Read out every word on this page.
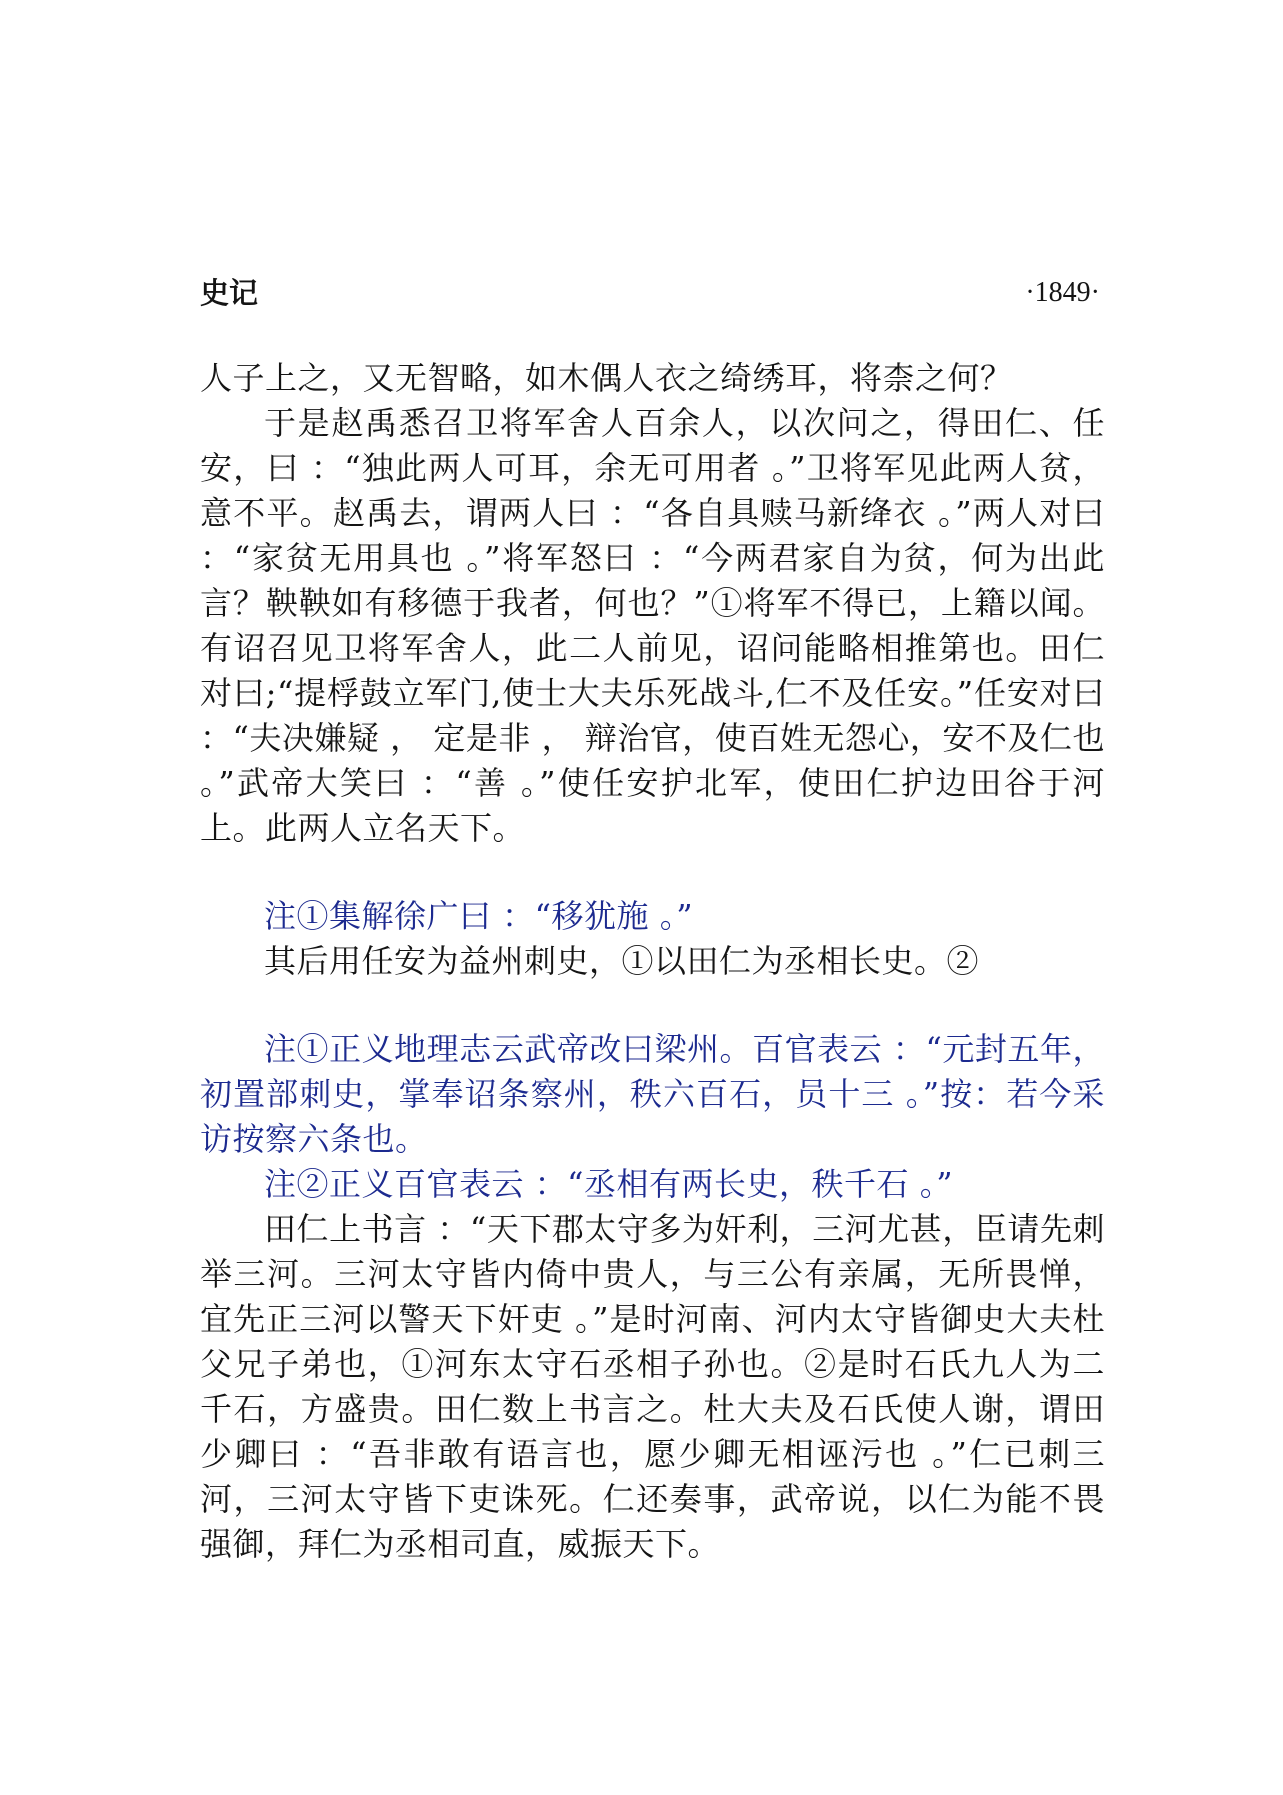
史记	·1849·

人子上之，又无智略，如木偶人衣之绮绣耳，将柰之何？

于是赵禹悉召卫将军舍人百余人，以次问之，得田仁、任安，曰 ：“独此两人可耳，余无可用者 。”卫将军见此两人贫，意不平。赵禹去，谓两人曰 ：“各自具赎马新绛衣 。”两人对曰 ：“家贫无用具也 。”将军怒曰 ：“今两君家自为贫，何为出此言？鞅鞅如有移德于我者，何也？”①将军不得已，上籍以闻。有诏召见卫将军舍人，此二人前见，诏问能略相推第也。田仁对曰;“提桴鼓立军门,使士大夫乐死战斗,仁不及任安。”任安对曰 ：“夫决嫌疑 ， 定是非 ， 辩治官，使百姓无怨心，安不及仁也 。”武帝大笑曰 ：“善 。”使任安护北军，使田仁护边田谷于河上。此两人立名天下。

注①集解徐广曰 ：“移犹施 。”

其后用任安为益州刺史，①以田仁为丞相长史。②

注①正义地理志云武帝改曰梁州。百官表云 ：“元封五年，初置部刺史，掌奉诏条察州，秩六百石，员十三 。”按：若今采访按察六条也。

注②正义百官表云 ：“丞相有两长史，秩千石 。”

田仁上书言 ：“天下郡太守多为奸利，三河尤甚，臣请先刺举三河。三河太守皆内倚中贵人，与三公有亲属，无所畏惮，宜先正三河以警天下奸吏 。”是时河南、河内太守皆御史大夫杜父兄子弟也，①河东太守石丞相子孙也。②是时石氏九人为二千石，方盛贵。田仁数上书言之。杜大夫及石氏使人谢，谓田少卿曰 ：“吾非敢有语言也，愿少卿无相诬污也 。”仁已刺三河，三河太守皆下吏诛死。仁还奏事，武帝说，以仁为能不畏强御，拜仁为丞相司直，威振天下。
